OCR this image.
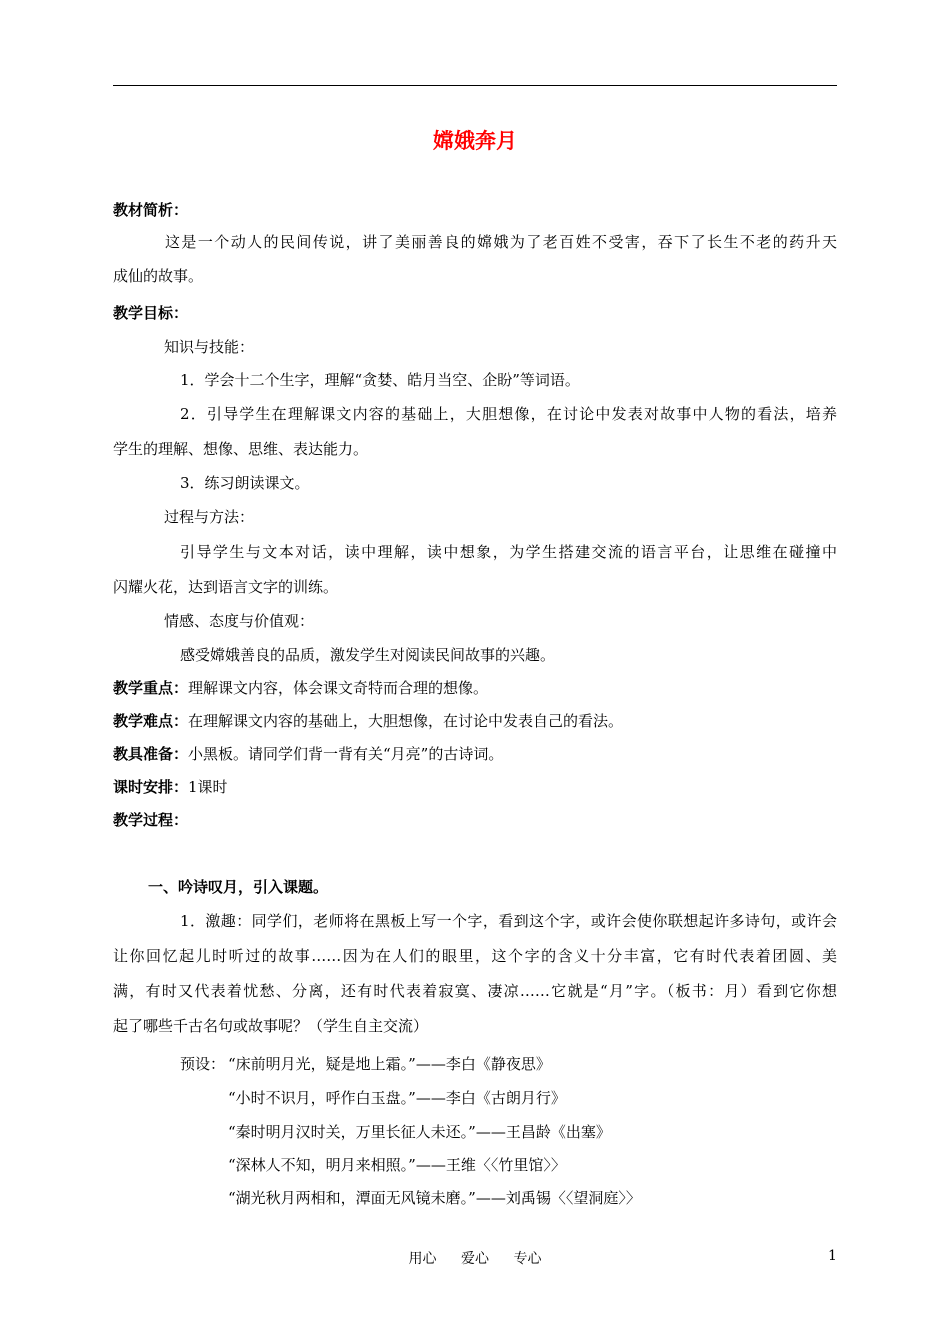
嫦娥奔月
教材简析：
这是一个动人的民间传说，讲了美丽善良的嫦娥为了老百姓不受害，吞下了长生不老的药升天
成仙的故事。
教学目标：
知识与技能：
1．学会十二个生字，理解“贪婪、皓月当空、企盼”等词语。
2．引导学生在理解课文内容的基础上，大胆想像，在讨论中发表对故事中人物的看法，培养
学生的理解、想像、思维、表达能力。
3．练习朗读课文。
过程与方法：
引导学生与文本对话，读中理解，读中想象，为学生搭建交流的语言平台，让思维在碰撞中
闪耀火花，达到语言文字的训练。
情感、态度与价值观：
感受嫦娥善良的品质，激发学生对阅读民间故事的兴趣。
教学重点：理解课文内容，体会课文奇特而合理的想像。
教学难点：在理解课文内容的基础上，大胆想像，在讨论中发表自己的看法。
教具准备：小黑板。请同学们背一背有关“月亮”的古诗词。
课时安排：1课时
教学过程：
一、吟诗叹月，引入课题。
1．激趣：同学们，老师将在黑板上写一个字，看到这个字，或许会使你联想起许多诗句，或许会
让你回忆起儿时听过的故事……因为在人们的眼里，这个字的含义十分丰富，它有时代表着团圆、美
满，有时又代表着忧愁、分离，还有时代表着寂寞、凄凉……它就是“月”字。（板书：月）看到它你想
起了哪些千古名句或故事呢？（学生自主交流）
预设： “床前明月光，疑是地上霜。”——李白《静夜思》
“小时不识月，呼作白玉盘。”——李白《古朗月行》
“秦时明月汉时关，万里长征人未还。”——王昌龄《出塞》
“深林人不知，明月来相照。”——王维〈〈竹里馆〉〉
“湖光秋月两相和，潭面无风镜未磨。”——刘禹锡〈〈望洞庭〉〉
用心 爱心 专心	1
